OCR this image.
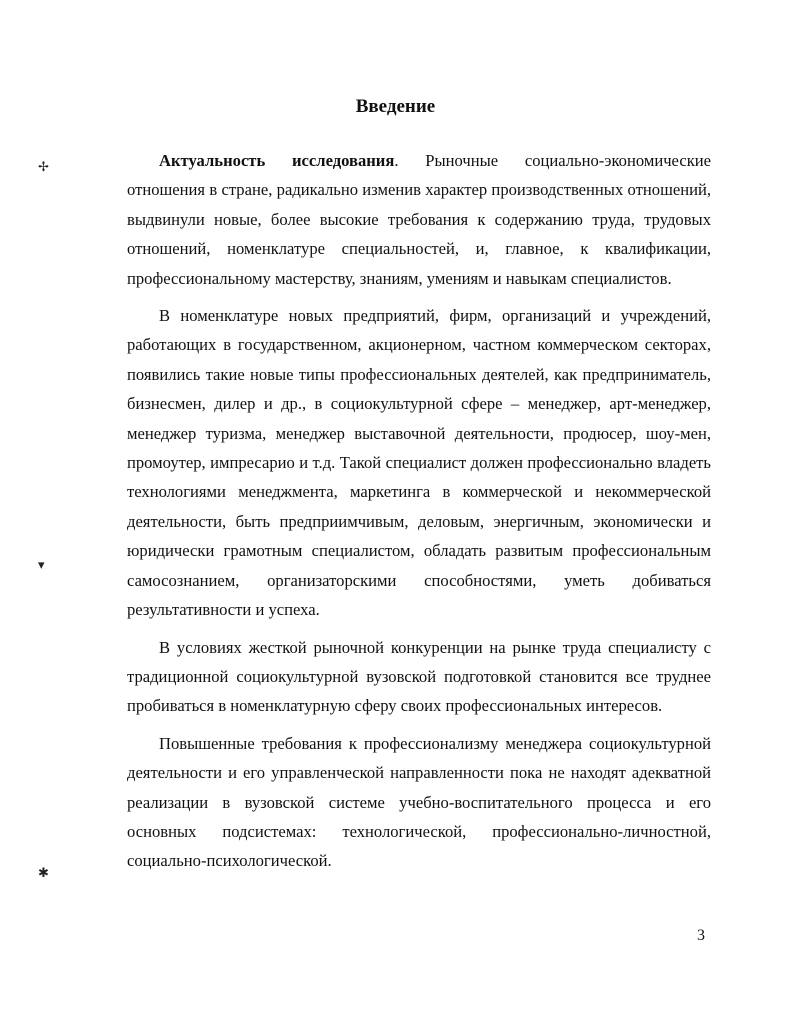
Введение
✢
▾
✱

Актуальность исследования. Рыночные социально-экономические отношения в стране, радикально изменив характер производственных отношений, выдвинули новые, более высокие требования к содержанию труда, трудовых отношений, номенклатуре специальностей, и, главное, к квалификации, профессиональному мастерству, знаниям, умениям и навыкам специалистов.

В номенклатуре новых предприятий, фирм, организаций и учреждений, работающих в государственном, акционерном, частном коммерческом секторах, появились такие новые типы профессиональных деятелей, как предприниматель, бизнесмен, дилер и др., в социокультурной сфере – менеджер, арт-менеджер, менеджер туризма, менеджер выставочной деятельности, продюсер, шоу-мен, промоутер, импресарио и т.д. Такой специалист должен профессионально владеть технологиями менеджмента, маркетинга в коммерческой и некоммерческой деятельности, быть предприимчивым, деловым, энергичным, экономически и юридически грамотным специалистом, обладать развитым профессиональным самосознанием, организаторскими способностями, уметь добиваться результативности и успеха.

В условиях жесткой рыночной конкуренции на рынке труда специалисту с традиционной социокультурной вузовской подготовкой становится все труднее пробиваться в номенклатурную сферу своих профессиональных интересов.

Повышенные требования к профессионализму менеджера социокультурной деятельности и его управленческой направленности пока не находят адекватной реализации в вузовской системе учебно-воспитательного процесса и его основных подсистемах: технологической, профессионально-личностной, социально-психологической.

3
